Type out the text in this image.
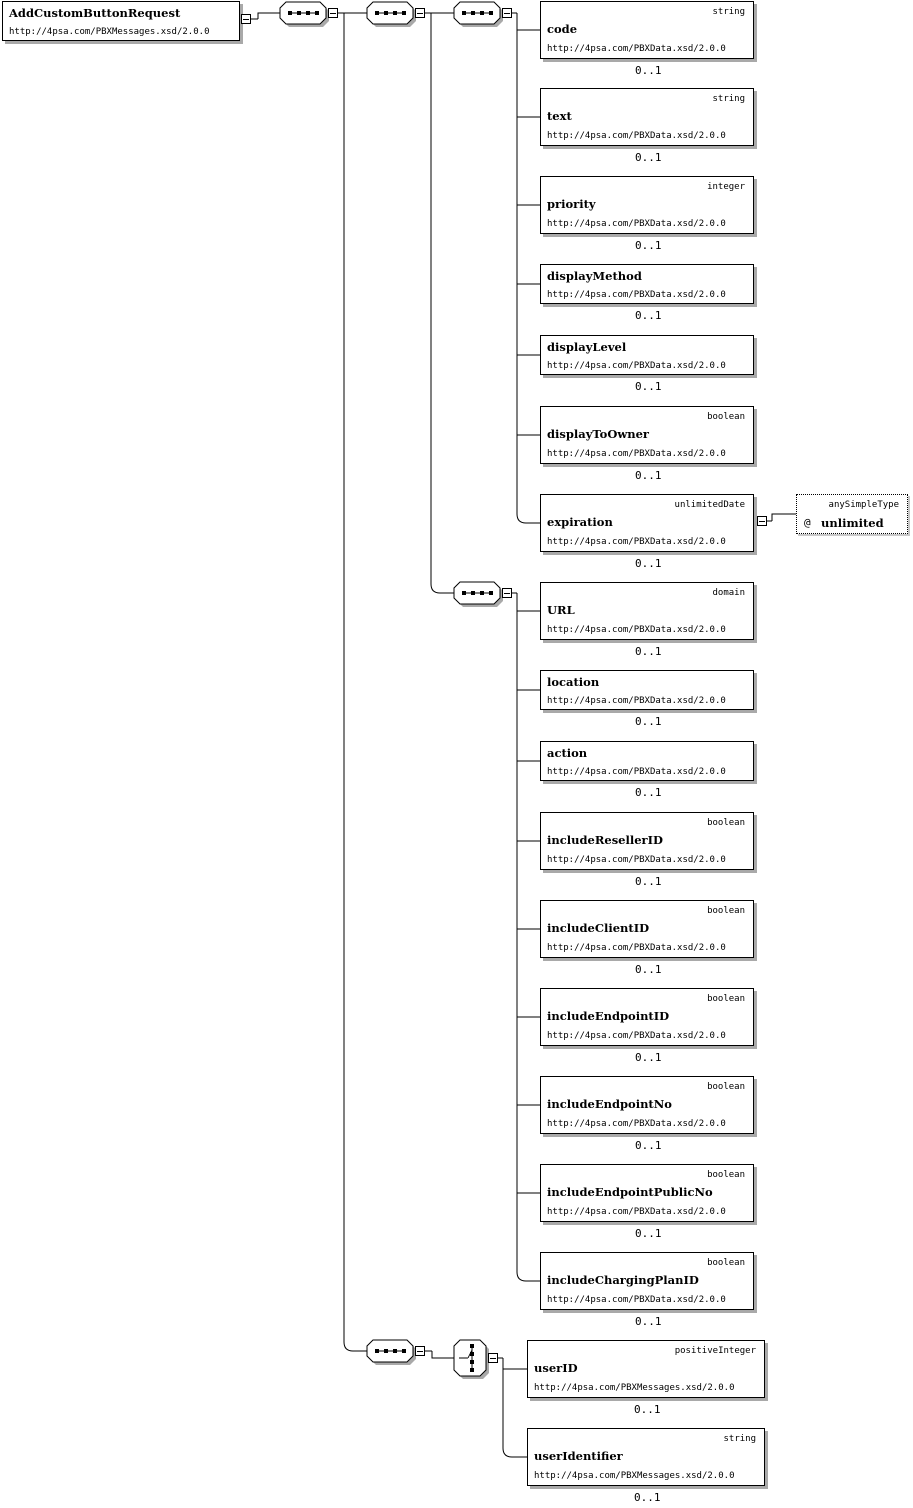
AddCustomButtonRequest
http://4psa.com/PBXMessages.xsd/2.0.0
anySimpleType
@ unlimited
string
code
http://4psa.com/PBXData.xsd/2.0.0
0..1
string
text
http://4psa.com/PBXData.xsd/2.0.0
0..1
integer
priority
http://4psa.com/PBXData.xsd/2.0.0
0..1
displayMethod
http://4psa.com/PBXData.xsd/2.0.0
0..1
displayLevel
http://4psa.com/PBXData.xsd/2.0.0
0..1
boolean
displayToOwner
http://4psa.com/PBXData.xsd/2.0.0
0..1
unlimitedDate
expiration
http://4psa.com/PBXData.xsd/2.0.0
0..1
domain
URL
http://4psa.com/PBXData.xsd/2.0.0
0..1
location
http://4psa.com/PBXData.xsd/2.0.0
0..1
action
http://4psa.com/PBXData.xsd/2.0.0
0..1
boolean
includeResellerID
http://4psa.com/PBXData.xsd/2.0.0
0..1
boolean
includeClientID
http://4psa.com/PBXData.xsd/2.0.0
0..1
boolean
includeEndpointID
http://4psa.com/PBXData.xsd/2.0.0
0..1
boolean
includeEndpointNo
http://4psa.com/PBXData.xsd/2.0.0
0..1
boolean
includeEndpointPublicNo
http://4psa.com/PBXData.xsd/2.0.0
0..1
boolean
includeChargingPlanID
http://4psa.com/PBXData.xsd/2.0.0
0..1
positiveInteger
userID
http://4psa.com/PBXMessages.xsd/2.0.0
0..1
string
userIdentifier
http://4psa.com/PBXMessages.xsd/2.0.0
0..1
